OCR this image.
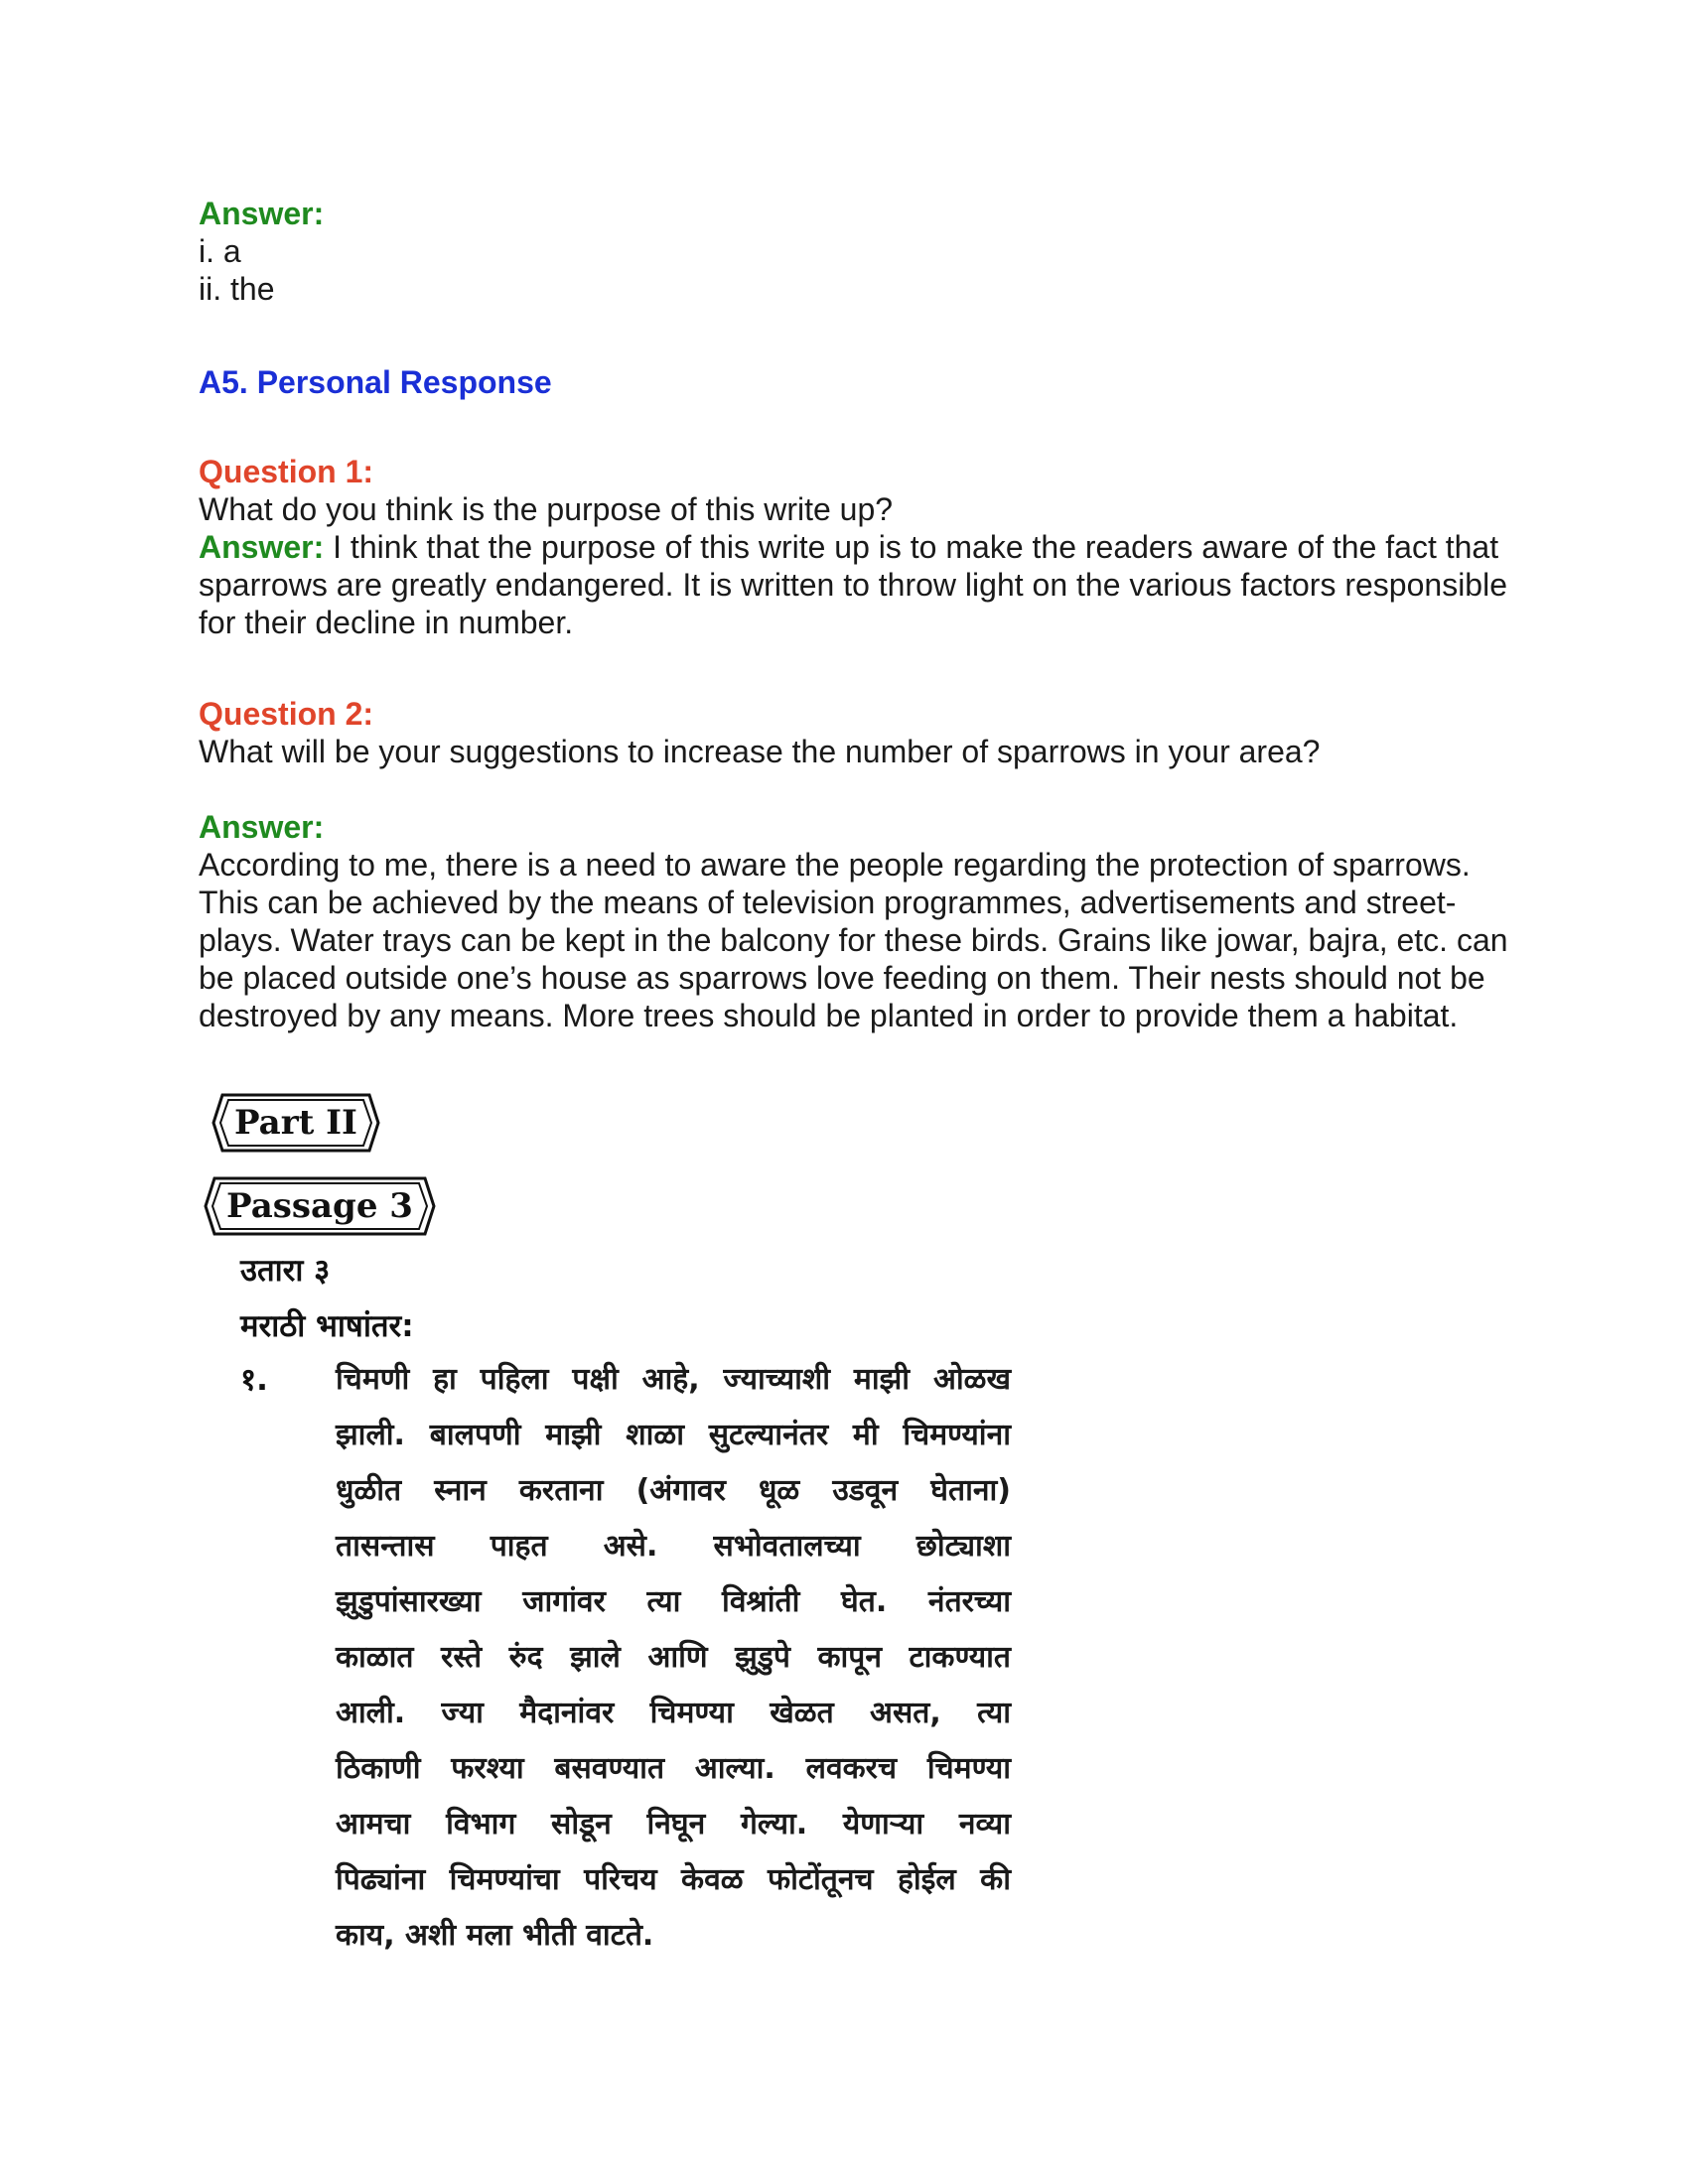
Answer:
i. a
ii. the
A5. Personal Response
Question 1:
What do you think is the purpose of this write up?
Answer: I think that the purpose of this write up is to make the readers aware of the fact that sparrows are greatly endangered. It is written to throw light on the various factors responsible for their decline in number.
Question 2:
What will be your suggestions to increase the number of sparrows in your area?
Answer:
According to me, there is a need to aware the people regarding the protection of sparrows. This can be achieved by the means of television programmes, advertisements and street-plays. Water trays can be kept in the balcony for these birds. Grains like jowar, bajra, etc. can be placed outside one’s house as sparrows love feeding on them. Their nests should not be destroyed by any means. More trees should be planted in order to provide them a habitat.
Part II
Passage 3
उतारा ३
मराठी भाषांतर:
१. चिमणी हा पहिला पक्षी आहे, ज्याच्याशी माझी ओळख
झाली. बालपणी माझी शाळा सुटल्यानंतर मी चिमण्यांना
धुळीत स्नान करताना (अंगावर धूळ उडवून घेताना)
तासन्तास पाहत असे. सभोवतालच्या छोट्याशा
झुडुपांसारख्या जागांवर त्या विश्रांती घेत. नंतरच्या
काळात रस्ते रुंद झाले आणि झुडुपे कापून टाकण्यात
आली. ज्या मैदानांवर चिमण्या खेळत असत, त्या
ठिकाणी फरश्या बसवण्यात आल्या. लवकरच चिमण्या
आमचा विभाग सोडून निघून गेल्या. येणाऱ्या नव्या
पिढ्यांना चिमण्यांचा परिचय केवळ फोटोंतूनच होईल की
काय, अशी मला भीती वाटते.
